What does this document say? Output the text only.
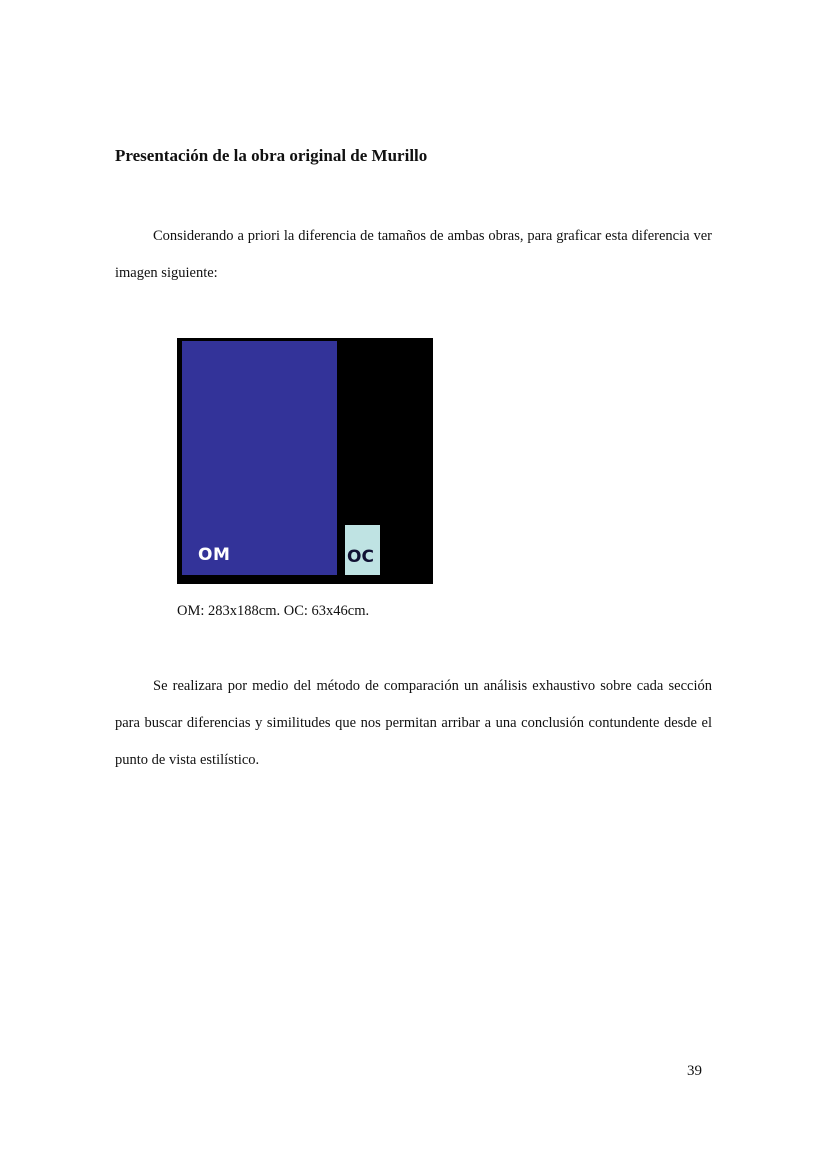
Presentación de la obra original de Murillo

Considerando a priori la diferencia de tamaños de ambas obras, para graficar esta diferencia ver imagen siguiente:

OM	OC

OM: 283x188cm. OC: 63x46cm.

Se realizara por medio del método de comparación un análisis exhaustivo sobre cada sección para buscar diferencias y similitudes que nos permitan arribar a una conclusión contundente desde el punto de vista estilístico.

39
